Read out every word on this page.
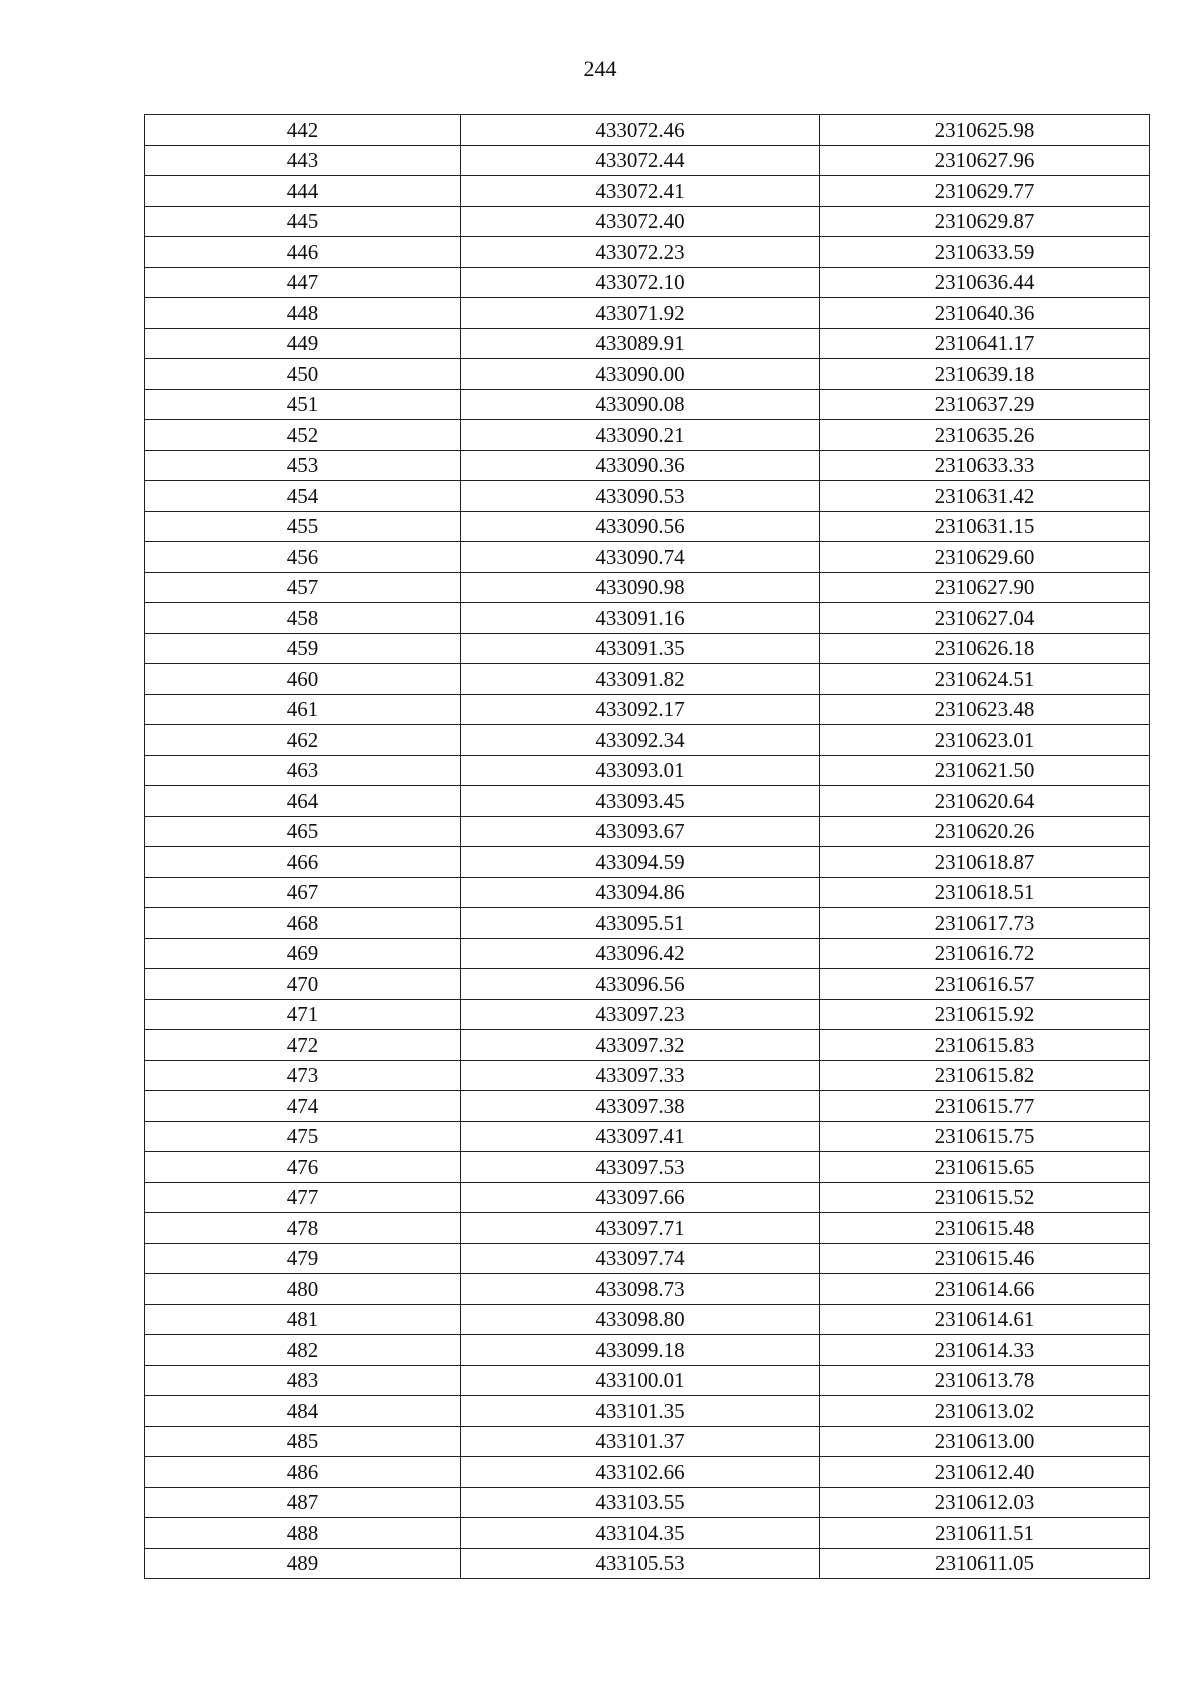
244
442	433072.46	2310625.98
443	433072.44	2310627.96
444	433072.41	2310629.77
445	433072.40	2310629.87
446	433072.23	2310633.59
447	433072.10	2310636.44
448	433071.92	2310640.36
449	433089.91	2310641.17
450	433090.00	2310639.18
451	433090.08	2310637.29
452	433090.21	2310635.26
453	433090.36	2310633.33
454	433090.53	2310631.42
455	433090.56	2310631.15
456	433090.74	2310629.60
457	433090.98	2310627.90
458	433091.16	2310627.04
459	433091.35	2310626.18
460	433091.82	2310624.51
461	433092.17	2310623.48
462	433092.34	2310623.01
463	433093.01	2310621.50
464	433093.45	2310620.64
465	433093.67	2310620.26
466	433094.59	2310618.87
467	433094.86	2310618.51
468	433095.51	2310617.73
469	433096.42	2310616.72
470	433096.56	2310616.57
471	433097.23	2310615.92
472	433097.32	2310615.83
473	433097.33	2310615.82
474	433097.38	2310615.77
475	433097.41	2310615.75
476	433097.53	2310615.65
477	433097.66	2310615.52
478	433097.71	2310615.48
479	433097.74	2310615.46
480	433098.73	2310614.66
481	433098.80	2310614.61
482	433099.18	2310614.33
483	433100.01	2310613.78
484	433101.35	2310613.02
485	433101.37	2310613.00
486	433102.66	2310612.40
487	433103.55	2310612.03
488	433104.35	2310611.51
489	433105.53	2310611.05
